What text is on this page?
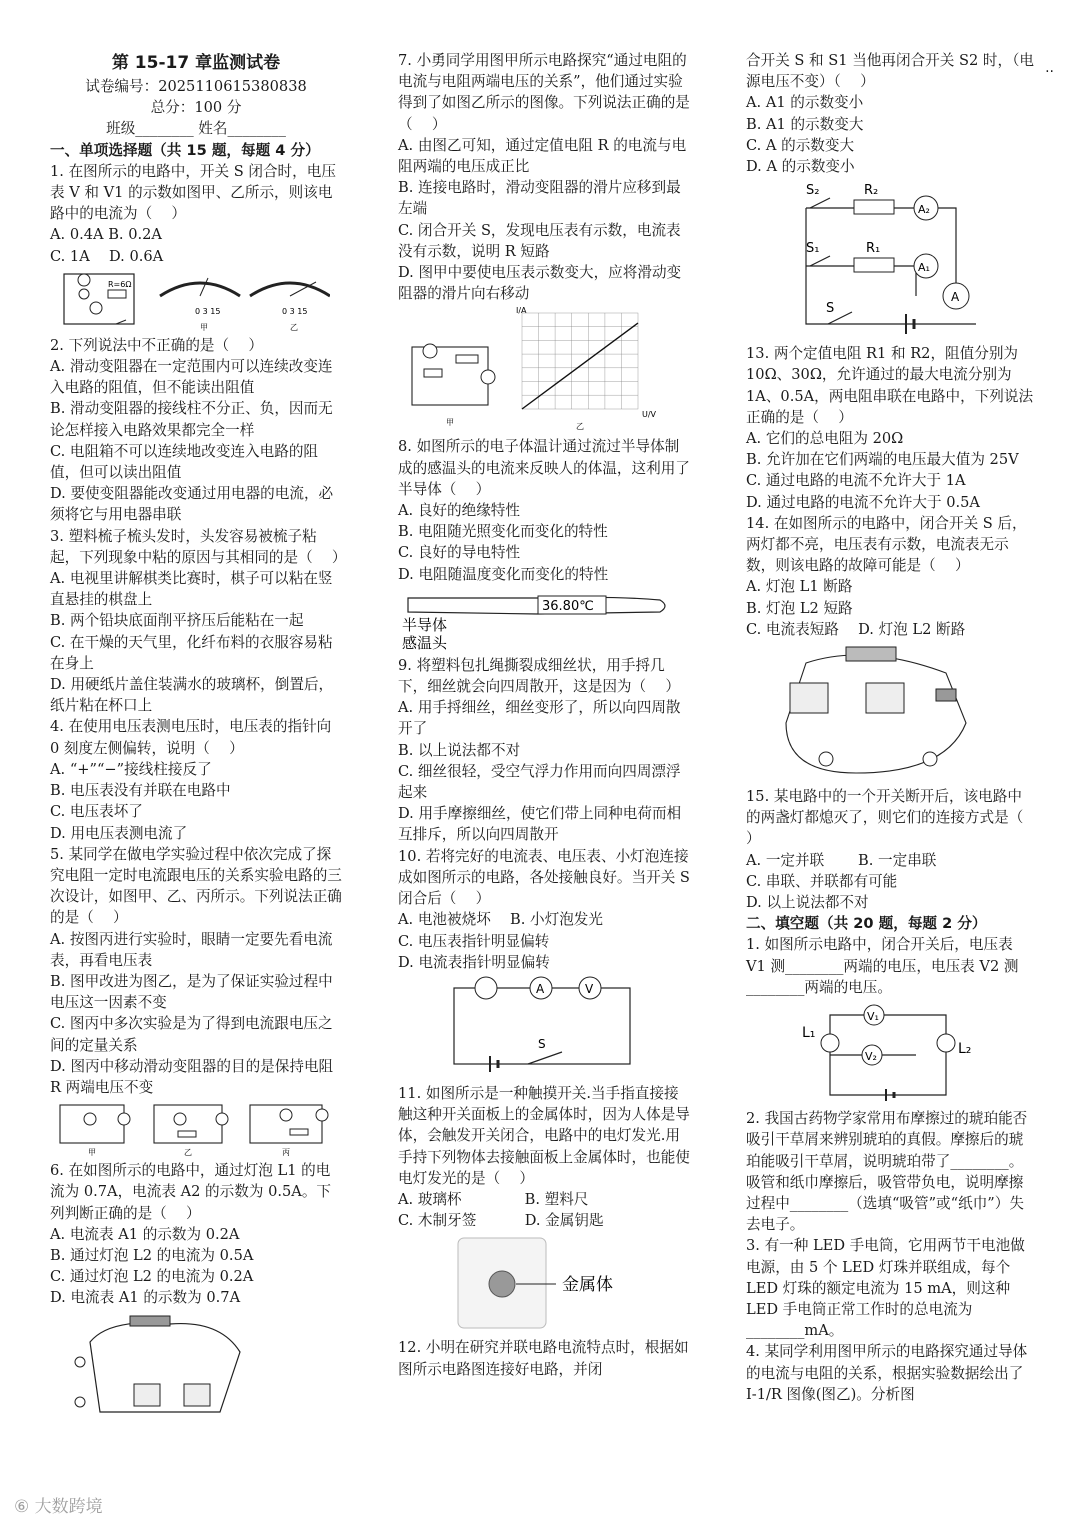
第 15-17 章监测试卷

试卷编号：2025110615380838

总分：100 分

班级________ 姓名________

一、单项选择题（共 15 题，每题 4 分）

1. 在图所示的电路中，开关 S 闭合时，电压表 V 和 V1 的示数如图甲、乙所示，则该电路中的电流为（　 ）

A. 0.4A B. 0.2A

C. 1A　 D. 0.6A

R=6Ω
0 3 15
甲
0 3 15
乙

2. 下列说法中不正确的是（　 ）

A. 滑动变阻器在一定范围内可以连续改变连入电路的阻值，但不能读出阻值

B. 滑动变阻器的接线柱不分正、负，因而无论怎样接入电路效果都完全一样

C. 电阻箱不可以连续地改变连入电路的阻值，但可以读出阻值

D. 要使变阻器能改变通过用电器的电流，必须将它与用电器串联

3. 塑料梳子梳头发时，头发容易被梳子粘起，下列现象中粘的原因与其相同的是（　 ）

A. 电视里讲解棋类比赛时，棋子可以粘在竖直悬挂的棋盘上

B. 两个铅块底面削平挤压后能粘在一起

C. 在干燥的天气里，化纤布料的衣服容易粘在身上

D. 用硬纸片盖住装满水的玻璃杯，倒置后，纸片粘在杯口上

4. 在使用电压表测电压时，电压表的指针向 0 刻度左侧偏转，说明（　 ）

A. “+”“−”接线柱接反了

B. 电压表没有并联在电路中

C. 电压表坏了

D. 用电压表测电流了

5. 某同学在做电学实验过程中依次完成了探究电阻一定时电流跟电压的关系实验电路的三次设计，如图甲、乙、丙所示。下列说法正确的是（　 ）

A. 按图丙进行实验时，眼睛一定要先看电流表，再看电压表

B. 图甲改进为图乙，是为了保证实验过程中电压这一因素不变

C. 图丙中多次实验是为了得到电流跟电压之间的定量关系

D. 图丙中移动滑动变阻器的目的是保持电阻 R 两端电压不变

甲	乙	丙

6. 在如图所示的电路中，通过灯泡 L1 的电流为 0.7A，电流表 A2 的示数为 0.5A。下列判断正确的是（　 ）

A. 电流表 A1 的示数为 0.2A

B. 通过灯泡 L2 的电流为 0.5A

C. 通过灯泡 L2 的电流为 0.2A

D. 电流表 A1 的示数为 0.7A

7. 小勇同学用图甲所示电路探究“通过电阻的电流与电阻两端电压的关系”，他们通过实验得到了如图乙所示的图像。下列说法正确的是（　 ）

A. 由图乙可知，通过定值电阻 R 的电流与电阻两端的电压成正比

B. 连接电路时，滑动变阻器的滑片应移到最左端

C. 闭合开关 S，发现电压表有示数，电流表没有示数，说明 R 短路

D. 图甲中要使电压表示数变大，应将滑动变阻器的滑片向右移动

甲
I/A
U/V
乙

8. 如图所示的电子体温计通过流过半导体制成的感温头的电流来反映人的体温，这利用了半导体（　 ）

A. 良好的绝缘特性

B. 电阻随光照变化而变化的特性

C. 良好的导电特性

D. 电阻随温度变化而变化的特性

36.80℃
半导体
感温头

9. 将塑料包扎绳撕裂成细丝状，用手捋几下，细丝就会向四周散开，这是因为（　 ）

A. 用手捋细丝，细丝变形了，所以向四周散开了

B. 以上说法都不对

C. 细丝很轻，受空气浮力作用而向四周漂浮起来

D. 用手摩擦细丝，使它们带上同种电荷而相互排斥，所以向四周散开

10. 若将完好的电流表、电压表、小灯泡连接成如图所示的电路，各处接触良好。当开关 S 闭合后（　 ）

A. 电池被烧坏　 B. 小灯泡发光

C. 电压表指针明显偏转

D. 电流表指针明显偏转

A	V
S

11. 如图所示是一种触摸开关.当手指直接接触这种开关面板上的金属体时，因为人体是导体，会触发开关闭合，电路中的电灯发光.用手持下列物体去接触面板上金属体时，也能使电灯发光的是（　 ）

A. 玻璃杯　　　　 B. 塑料尺

C. 木制牙签　　　 D. 金属钥匙

金属体

12. 小明在研究并联电路电流特点时，根据如图所示电路图连接好电路，并闭

合开关 S 和 S1 当他再闭合开关 S2 时，（电源电压不变）（　 ）

A. A1 的示数变小

B. A1 的示数变大

C. A 的示数变大

D. A 的示数变小

S₂	R₂
A₂
S₁	R₁
A₁
A
S

13. 两个定值电阻 R1 和 R2，阻值分别为 10Ω、30Ω，允许通过的最大电流分别为 1A、0.5A，两电阻串联在电路中，下列说法正确的是（　 ）

A. 它们的总电阻为 20Ω

B. 允许加在它们两端的电压最大值为 25V

C. 通过电路的电流不允许大于 1A

D. 通过电路的电流不允许大于 0.5A

14. 在如图所示的电路中，闭合开关 S 后，两灯都不亮，电压表有示数，电流表无示数，则该电路的故障可能是（　 ）

A. 灯泡 L1 断路

B. 灯泡 L2 短路

C. 电流表短路　 D. 灯泡 L2 断路

15. 某电路中的一个开关断开后，该电路中的两盏灯都熄灭了，则它们的连接方式是（　 ）

A. 一定并联　　 B. 一定串联

C. 串联、并联都有可能

D. 以上说法都不对

二、填空题（共 20 题，每题 2 分）

1. 如图所示电路中，闭合开关后，电压表 V1 测________两端的电压，电压表 V2 测________两端的电压。

L₁
V₁
V₂	L₂

2. 我国古药物学家常用布摩擦过的琥珀能否吸引干草屑来辨别琥珀的真假。摩擦后的琥珀能吸引干草屑，说明琥珀带了________。吸管和纸巾摩擦后，吸管带负电，说明摩擦过程中________（选填“吸管”或“纸巾”）失去电子。

3. 有一种 LED 手电筒，它用两节干电池做电源，由 5 个 LED 灯珠并联组成，每个 LED 灯珠的额定电流为 15 mA，则这种 LED 手电筒正常工作时的总电流为________mA。

4. 某同学利用图甲所示的电路探究通过导体的电流与电阻的关系，根据实验数据绘出了 I-1/R 图像(图乙)。分析图

··
⑥ 大数跨境
